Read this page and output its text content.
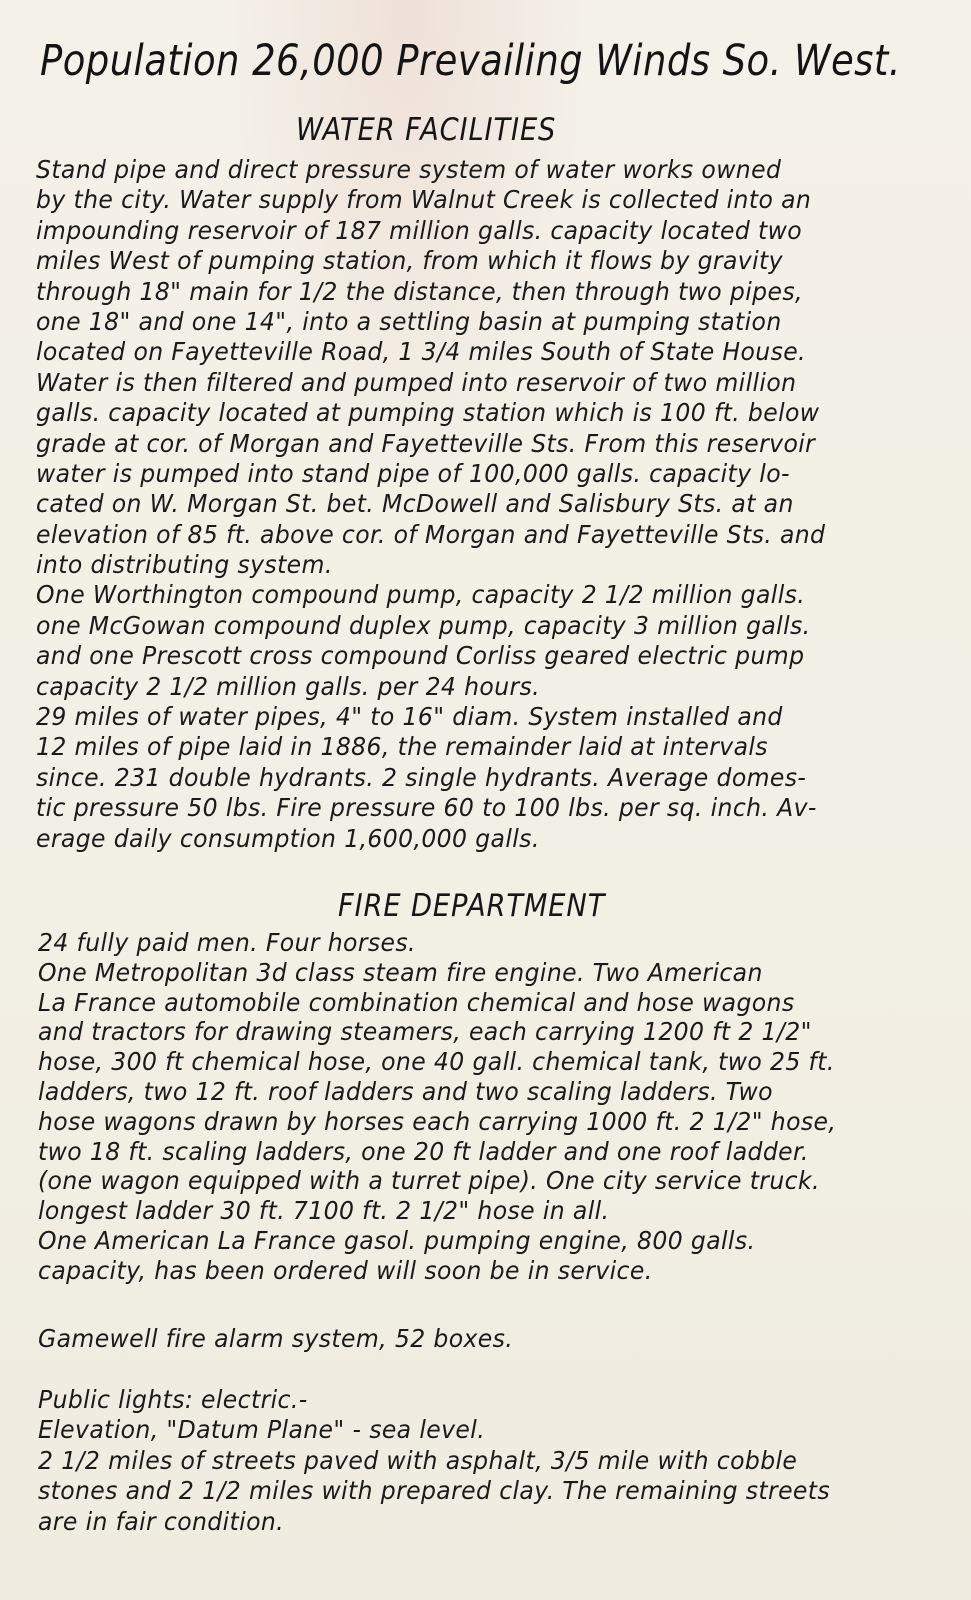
Population 26,000 Prevailing Winds So. West.
WATER FACILITIES
Stand pipe and direct pressure system of water works owned
by the city. Water supply from Walnut Creek is collected into an
impounding reservoir of 187 million galls. capacity located two
miles West of pumping station, from which it flows by gravity
through 18" main for 1/2 the distance, then through two pipes,
one 18" and one 14", into a settling basin at pumping station
located on Fayetteville Road, 1 3/4 miles South of State House.
Water is then filtered and pumped into reservoir of two million
galls. capacity located at pumping station which is 100 ft. below
grade at cor. of Morgan and Fayetteville Sts. From this reservoir
water is pumped into stand pipe of 100,000 galls. capacity lo-
cated on W. Morgan St. bet. McDowell and Salisbury Sts. at an
elevation of 85 ft. above cor. of Morgan and Fayetteville Sts. and
into distributing system.
One Worthington compound pump, capacity 2 1/2 million galls.
one McGowan compound duplex pump, capacity 3 million galls.
and one Prescott cross compound Corliss geared electric pump
capacity 2 1/2 million galls. per 24 hours.
29 miles of water pipes, 4" to 16" diam. System installed and
12 miles of pipe laid in 1886, the remainder laid at intervals
since. 231 double hydrants. 2 single hydrants. Average domes-
tic pressure 50 lbs. Fire pressure 60 to 100 lbs. per sq. inch. Av-
erage daily consumption 1,600,000 galls.
FIRE DEPARTMENT
24 fully paid men. Four horses.
One Metropolitan 3d class steam fire engine. Two American
La France automobile combination chemical and hose wagons
and tractors for drawing steamers, each carrying 1200 ft 2 1/2"
hose, 300 ft chemical hose, one 40 gall. chemical tank, two 25 ft.
ladders, two 12 ft. roof ladders and two scaling ladders. Two
hose wagons drawn by horses each carrying 1000 ft. 2 1/2" hose,
two 18 ft. scaling ladders, one 20 ft ladder and one roof ladder.
(one wagon equipped with a turret pipe). One city service truck.
longest ladder 30 ft. 7100 ft. 2 1/2" hose in all.
One American La France gasol. pumping engine, 800 galls.
capacity, has been ordered will soon be in service.
Gamewell fire alarm system, 52 boxes.
Public lights: electric.-
Elevation, "Datum Plane" - sea level.
2 1/2 miles of streets paved with asphalt, 3/5 mile with cobble
stones and 2 1/2 miles with prepared clay. The remaining streets
are in fair condition.
